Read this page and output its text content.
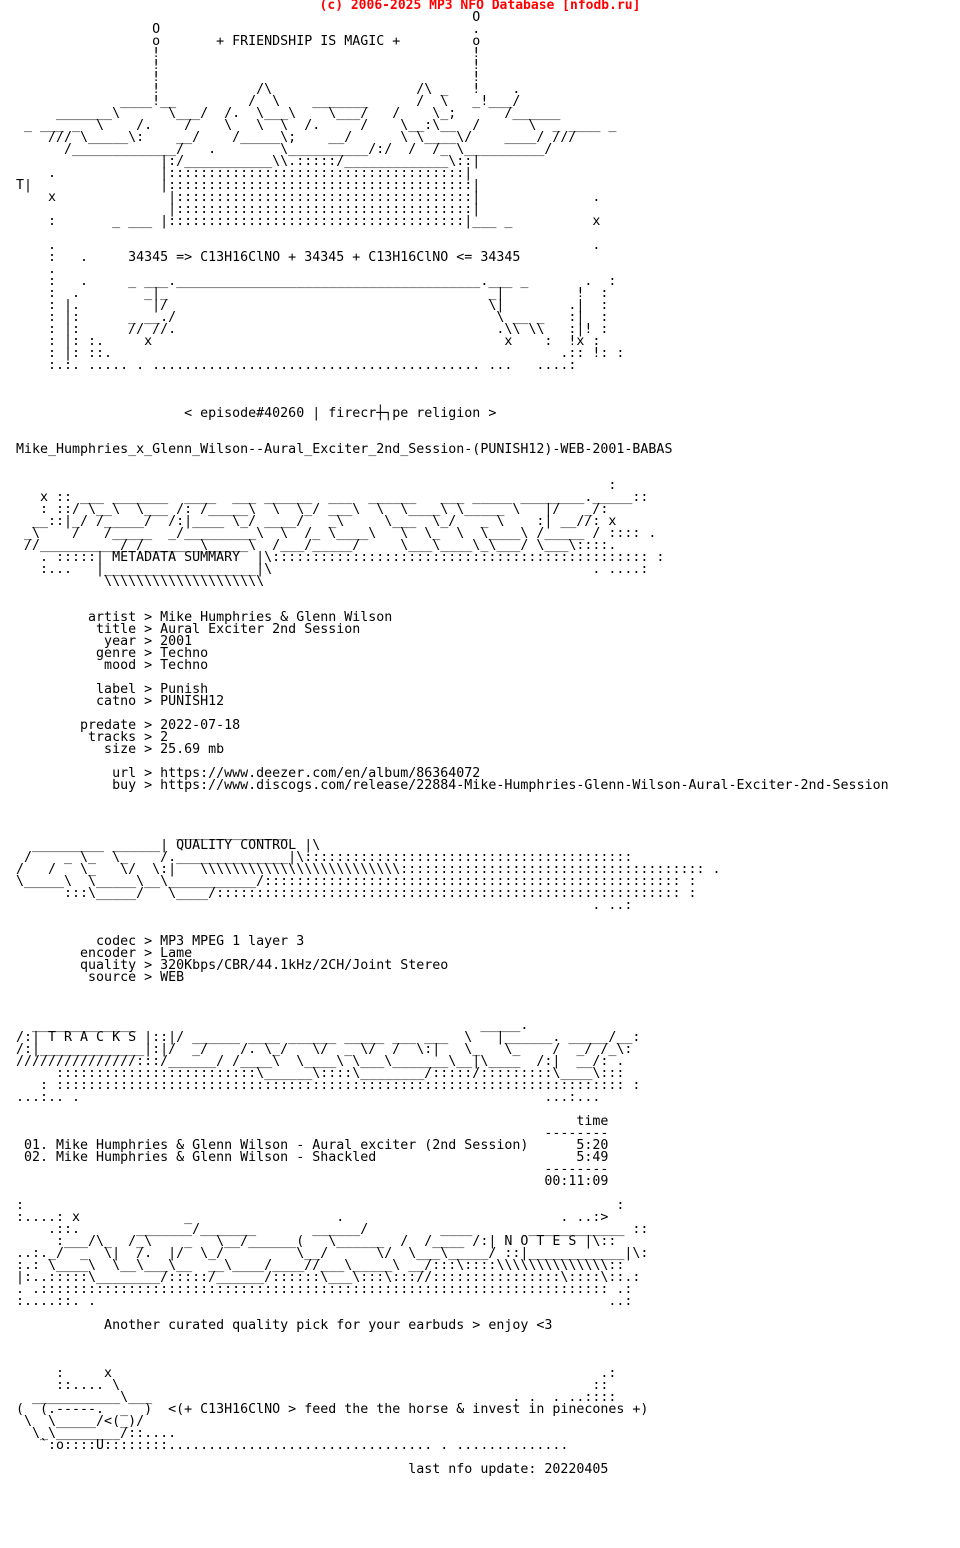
(c) 2006-2025 MP3 NFO Database [nfodb.ru]
O
O                                       .
o       + FRIENDSHIP IS MAGIC +         o
!                                       !
!                                       !
!                                       !
!            /\                  /\ _   !    .
____!__         /  \    _______      /  \   _!___/
_______\      \___/  /.  \___\    \___/   /    \_;      /______
_ ___ _  \    /.    /    \   \  \  /.     /    \__:\__  /      \  _ ____ _
/// \_____\:    __/    /_____\;    __/      \ \____\/    ____/ ///
/_____________/   .        \__________/:/  /  /_ \__________/
|:/___________\\.:::::/_____________\::|
.             |:::::::::::::::::::::::::::::::::::::|
T|                |::::::::::::::::::::::::::::::::::::::|
x              |:::::::::::::::::::::::::::::::::::::|              .
|:::::::::::::::::::::::::::::::::::::|
:       _ ___ |:::::::::::::::::::::::::::::::::::::|___ _          x

.                                                                   .
:   .     34345 => C13H16ClNO + 34345 + C13H16ClNO <= 34345
.
:   .     _ ___.______________________________________.___ _       .  :
:  .        _|_                                        _|         !  :
: |.         |/                                        \|        .|  :
: |:      _ __./                                        \ __ _   :|  :
: |:      // //.                                        .\\ \\   :|! :
: |: :.     x                                            x    :  !x :
: |: ::.                                                        .:: !: :
:.:. ..... . ......................................... ...   ....:

< episode#40260 | firecr┼┐pe religion >

Mike_Humphries_x_Glenn_Wilson--Aural_Exciter_2nd_Session-(PUNISH12)-WEB-2001-BABAS

:
x :: ___ _______  ____  ___ ______  ___  ______   ___ _____ ________._____::
: ::/ \__\  \___ /: /_____\  \  \_/ ___\  \  \____\ \_____ \   |/   _/:
__::|_/ /_____/  /:|____ \_/ ____/   _\     \___  \_/   _ \    :| __//: x
_\    /   /_____  _/_________\  \  /_ \____\   \  \_  \  \____\ /_____ / :::: .
//__________/ /_______\_____\  /___/_____/     \___\____\_\___/ \___\::::.
. :::::| METADATA SUMMARY  |\::::::::::::::::::::::::::::::::::::::::::::::: :
:...   |___________________|\                                        . ....:
\\\\\\\\\\\\\\\\\\\\

artist > Mike Humphries & Glenn Wilson
title > Aural Exciter 2nd Session
year > 2001
genre > Techno
mood > Techno

label > Punish
catno > PUNISH12

predate > 2022-07-18
tracks > 2
size > 25.69 mb

url > https://www.deezer.com/en/album/86364072
buy > https://www.discogs.com/release/22884-Mike-Humphries-Glenn-Wilson-Aural-Exciter-2nd-Session

______________
_________ ______| QUALITY CONTROL |\
/    _ \_  \_    /.______________|\:::::::::::::::::::::::::::::::::::::::::
/   /   \_   \/  \:|   \\\\\\\\\\\\\\\\\\\\\\\\\:::::::::::::::::::::::::::::::::::::: .
\_____\  \_____\__\___________/:::::::::::::::::::::::::::::::::::::::::::::::::::: :
:::\_____/   \____/:::::::::::::::::::::::::::::::::::::::::::::::::::::::::: :
. ..:

codec > MP3 MPEG 1 layer 3
encoder > Lame
quality > 320Kbps/CBR/44.1kHz/2CH/Joint Stereo
source > WEB

_____________                                           _____.
/:| T R A C K S |::|/ ______ ____ ______ _____ ___ ___  \   |______. _____/__:
/:|_____________|:|/  _/    /. \_/   \/  _ \/  /  \:|   \_   \_    /  _/ /_\:
///////////////:::/______/ /____\  \____\ \___\_______\__|\____  /:|  __/: .
:::::::::::::::::::::::::\______\::::\________/:::::/:::::::::\____\:::
: ::::::::::::::::::::::::::::::::::::::::::::::::::::::::::::::::::::::: :
...:.. .                                                          ...:...

time
--------
01. Mike Humphries & Glenn Wilson - Aural exciter (2nd Session)      5:20
02. Mike Humphries & Glenn Wilson - Shackled                         5:49
--------
00:11:09

:                                                                          :
:....: x             _                  .                           . ..:>
.::.       _______/_______       ______/         ____       ____________ ::
:___/\_  /_\    _   \__/______(   \______  /  /____ /:| N O T E S |\::
..:._/  _  \|  /.  |/  \_/         \__/      \/  \___\_____/ ::|____________|\:
:.: \____\  \__\___\__  __\____/____//___\_____\ __/:::\::::\\\\\\\\\\\\\\::
|:..:::::\________/:::::/______/::::::\___\:::\::://::::::::::::::::\::::\::.:
. .::::::::::::::::::::::::::::::::::::::::::::::::::::::::::::::::::::::: .:
:....::. .                                                                ..:

Another curated quality pick for your earbuds > enjoy <3

:     x                                                             .:
::.... \                                                           ::
___________\___                                             . .  . ..::::
(  (.-----.  _  )  <(+ C13H16ClNO > feed the the horse & invest in pinecones +)
\  \_____/<(_)/
\_\________/::....
`:o::::U::::::::................................. . ..............

last nfo update: 20220405
